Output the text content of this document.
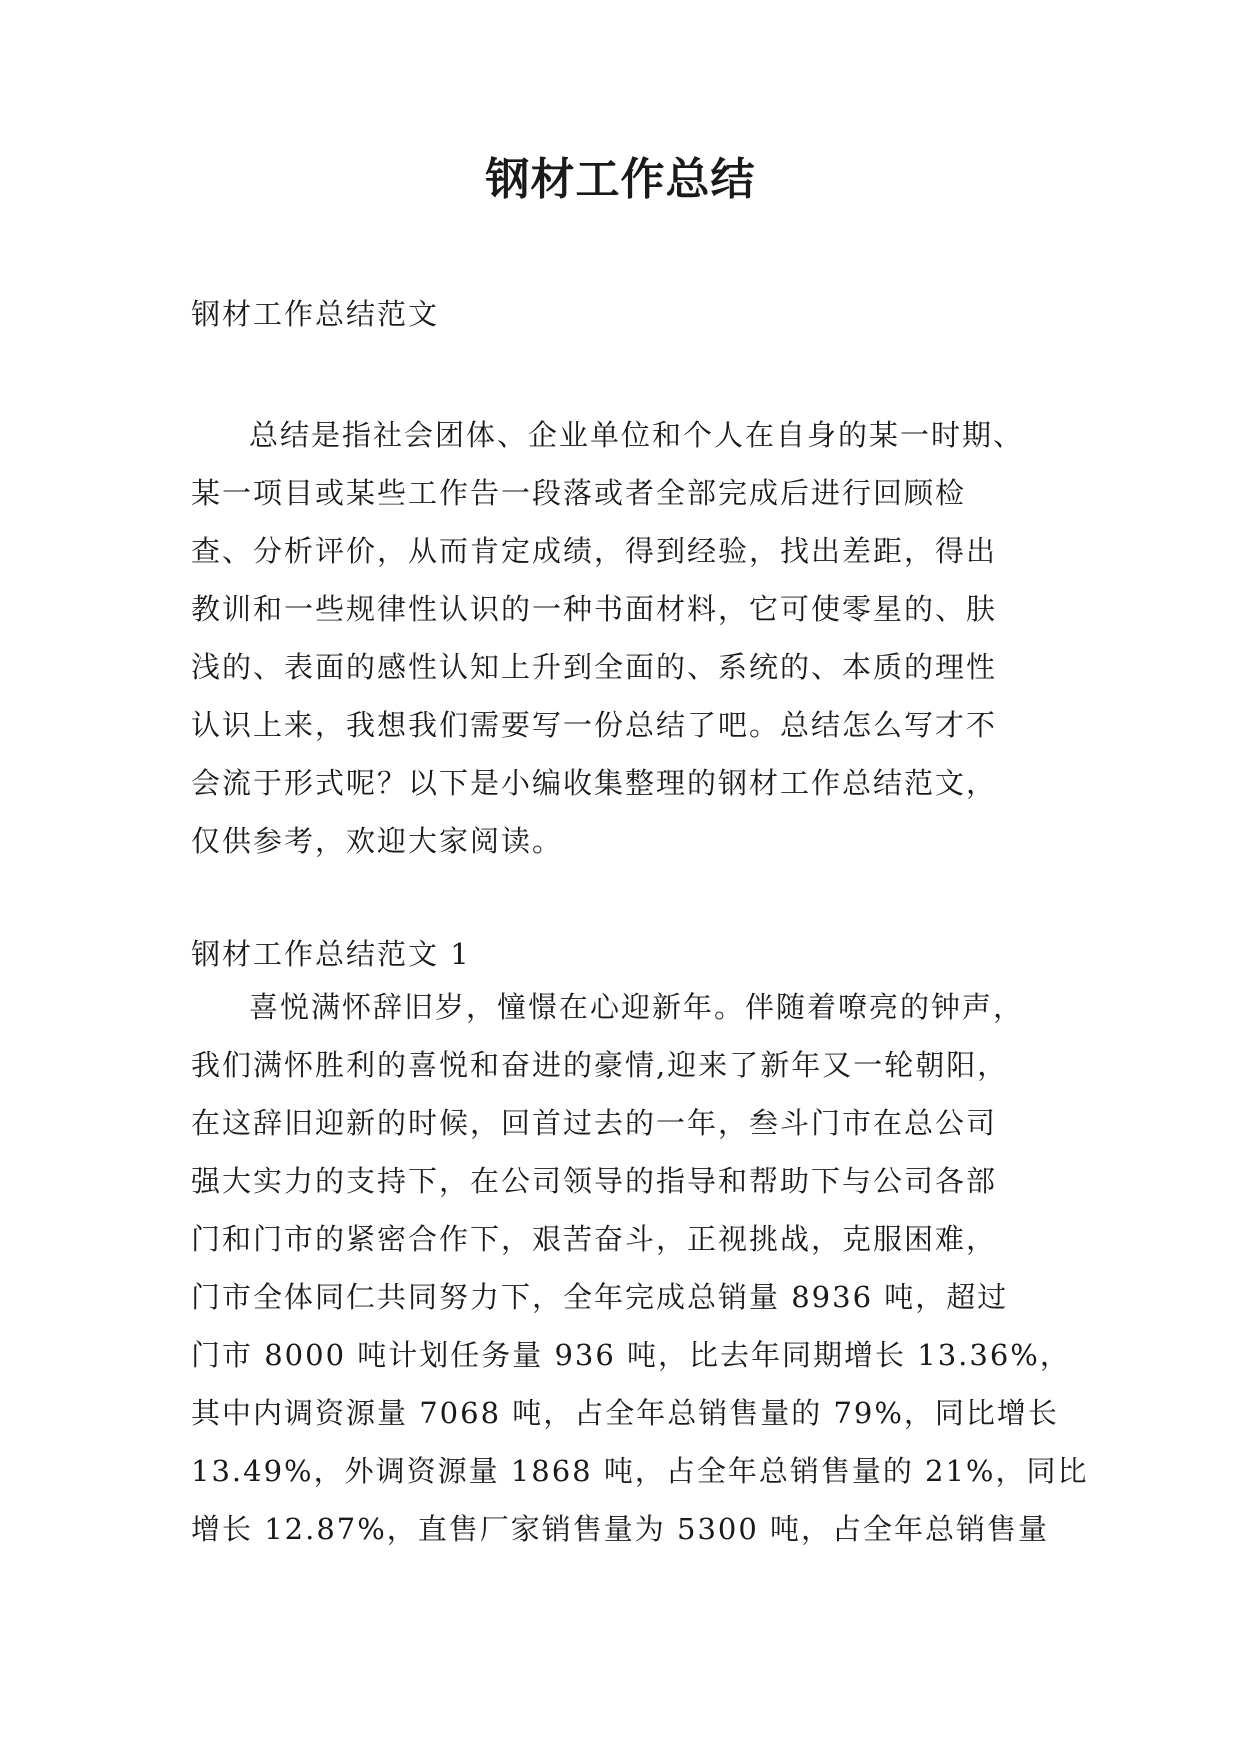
钢材工作总结
钢材工作总结范文
总结是指社会团体、企业单位和个人在自身的某一时期、
某一项目或某些工作告一段落或者全部完成后进行回顾检
查、分析评价，从而肯定成绩，得到经验，找出差距，得出
教训和一些规律性认识的一种书面材料，它可使零星的、肤
浅的、表面的感性认知上升到全面的、系统的、本质的理性
认识上来，我想我们需要写一份总结了吧。总结怎么写才不
会流于形式呢？以下是小编收集整理的钢材工作总结范文，
仅供参考，欢迎大家阅读。
钢材工作总结范文 1
喜悦满怀辞旧岁，憧憬在心迎新年。伴随着嘹亮的钟声，
我们满怀胜利的喜悦和奋进的豪情,迎来了新年又一轮朝阳，
在这辞旧迎新的时候，回首过去的一年，叁斗门市在总公司
强大实力的支持下，在公司领导的指导和帮助下与公司各部
门和门市的紧密合作下，艰苦奋斗，正视挑战，克服困难，
门市全体同仁共同努力下，全年完成总销量 8936 吨，超过
门市 8000 吨计划任务量 936 吨，比去年同期增长 13.36%，
其中内调资源量 7068 吨，占全年总销售量的 79%，同比增长
13.49%，外调资源量 1868 吨，占全年总销售量的 21%，同比
增长 12.87%，直售厂家销售量为 5300 吨，占全年总销售量
